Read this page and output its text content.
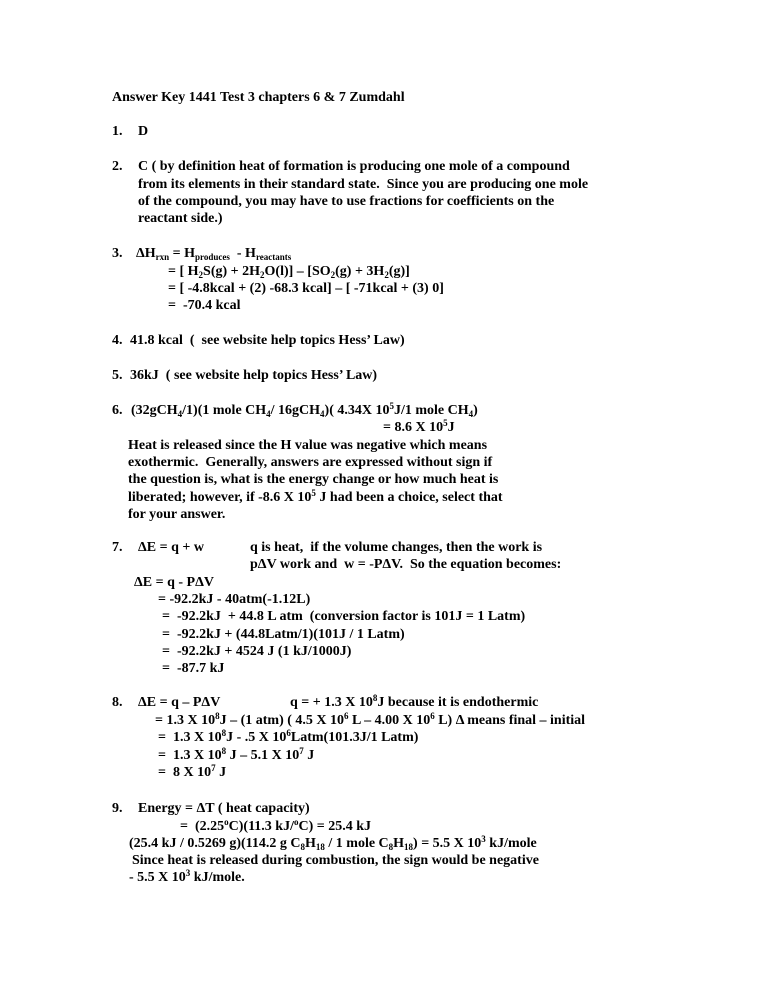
Answer Key 1441 Test 3 chapters 6 & 7 Zumdahl
1. D
2. C ( by definition heat of formation is producing one mole of a compound
from its elements in their standard state.  Since you are producing one mole
of the compound, you may have to use fractions for coefficients on the
reactant side.)
3. $\Delta H_{rxn} = H_{produces} - H_{reactants}$
= [ $H_2S(g) + 2H_2O(l)] - [SO_2(g) + 3H_2(g)]$
= [ -4.8kcal + (2) -68.3 kcal] – [ -71kcal + (3) 0]
=  -70.4 kcal
4. 41.8 kcal  (  see website help topics Hess’ Law)
5. 36kJ  ( see website help topics Hess’ Law)
6. (32gCH$_4$/1)(1 mole $CH_4/$ 16gCH$_4$)( 4.34X $10^5J/1$ mole $CH_4$)
= 8.6 X $10^5J$
Heat is released since the H value was negative which means
exothermic.  Generally, answers are expressed without sign if
the question is, what is the energy change or how much heat is
liberated; however, if -8.6 X $10^5$ J had been a choice, select that
for your answer.
7. ΔE = q + w	q is heat,  if the volume changes, then the work is
pΔV work and  w = -PΔV.  So the equation becomes:
ΔE = q - PΔV
= -92.2kJ - 40atm(-1.12L)
=  -92.2kJ  + 44.8 L atm  (conversion factor is 101J = 1 Latm)
=  -92.2kJ + (44.8Latm/1)(101J / 1 Latm)
=  -92.2kJ + 4524 J (1 kJ/1000J)
=  -87.7 kJ
8. ΔE = q – PΔV	q = + 1.3 X $10^8J$ because it is endothermic
= 1.3 X $10^8J - (1$ atm) ( 4.5 X $10^6$ L – 4.00 X $10^6$ L) Δ means final – initial
=  1.3 X $10^8J - .5$ X $10^6Latm(101.3J/1$ Latm)
=  1.3 X $10^8$ J – 5.1 X $10^7$ J
=  8 X $10^7$ J
9. Energy = ΔT ( heat capacity)
=  (2.25$^o$C)(11.3 kJ/$^o$C) = 25.4 kJ
(25.4 kJ / 0.5269 g)(114.2 g $C_8H_{18} / 1$ mole $C_8H_{18}) = 5.5$ X $10^3$ kJ/mole
Since heat is released during combustion, the sign would be negative
- 5.5 X $10^3$ kJ/mole.
